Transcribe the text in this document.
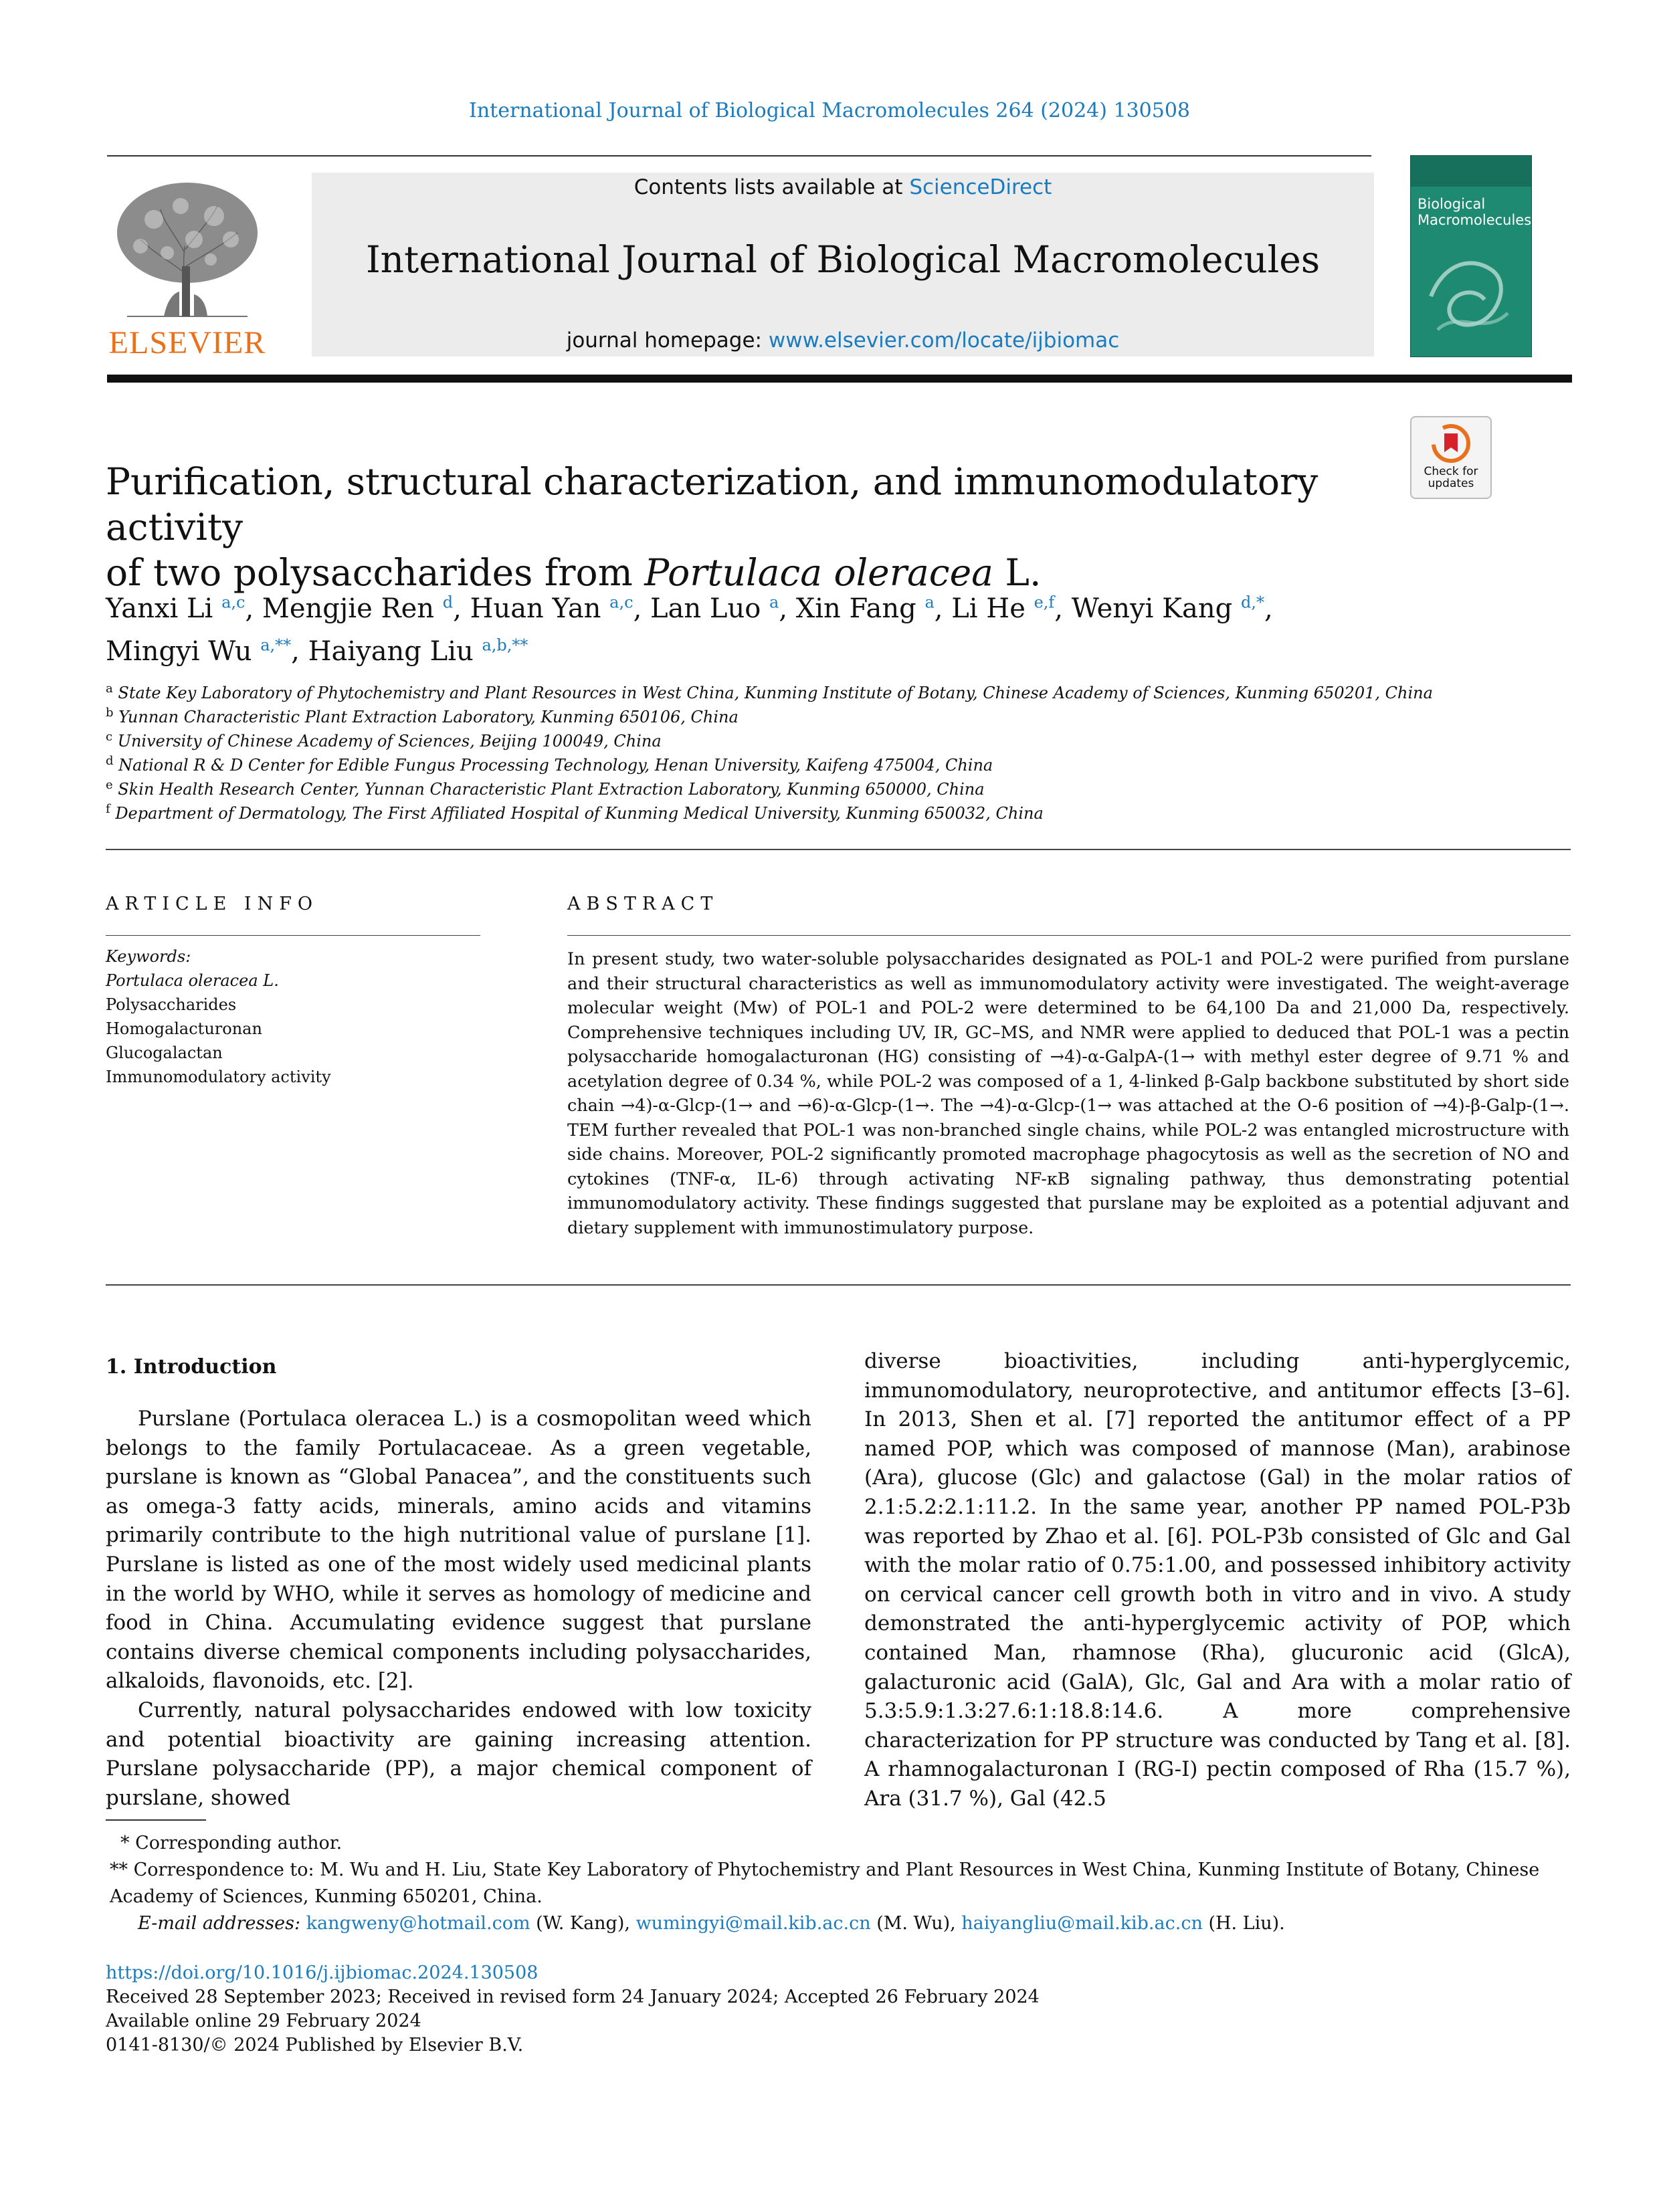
International Journal of Biological Macromolecules 264 (2024) 130508
ELSEVIER
Contents lists available at ScienceDirect
International Journal of Biological Macromolecules
journal homepage: www.elsevier.com/locate/ijbiomac
Biological Macromolecules
Check for updates
Purification, structural characterization, and immunomodulatory activity
of two polysaccharides from Portulaca oleracea L.
Yanxi Li $^{a,c}$, Mengjie Ren $^d$, Huan Yan $^{a,c}$, Lan Luo $^a$, Xin Fang $^a$, Li He $^{e,f}$, Wenyi Kang $^{d,*}$,
Mingyi Wu $^{a,**}$, Haiyang Liu $^{a,b,**}$
$^a$ State Key Laboratory of Phytochemistry and Plant Resources in West China, Kunming Institute of Botany, Chinese Academy of Sciences, Kunming 650201, China
$^b$ Yunnan Characteristic Plant Extraction Laboratory, Kunming 650106, China
$^c$ University of Chinese Academy of Sciences, Beijing 100049, China
$^d$ National R & D Center for Edible Fungus Processing Technology, Henan University, Kaifeng 475004, China
$^e$ Skin Health Research Center, Yunnan Characteristic Plant Extraction Laboratory, Kunming 650000, China
$^f$ Department of Dermatology, The First Affiliated Hospital of Kunming Medical University, Kunming 650032, China
ARTICLE INFO
Keywords:
Portulaca oleracea L.
Polysaccharides
Homogalacturonan
Glucogalactan
Immunomodulatory activity
ABSTRACT
In present study, two water-soluble polysaccharides designated as POL-1 and POL-2 were purified from purslane and their structural characteristics as well as immunomodulatory activity were investigated. The weight-average molecular weight (Mw) of POL-1 and POL-2 were determined to be 64,100 Da and 21,000 Da, respectively. Comprehensive techniques including UV, IR, GC–MS, and NMR were applied to deduced that POL-1 was a pectin polysaccharide homogalacturonan (HG) consisting of →4)-α-GalpA-(1→ with methyl ester degree of 9.71 % and acetylation degree of 0.34 %, while POL-2 was composed of a 1, 4-linked β-Galp backbone substituted by short side chain →4)-α-Glcp-(1→ and →6)-α-Glcp-(1→. The →4)-α-Glcp-(1→ was attached at the O-6 position of →4)-β-Galp-(1→. TEM further revealed that POL-1 was non-branched single chains, while POL-2 was entangled microstructure with side chains. Moreover, POL-2 significantly promoted macrophage phagocytosis as well as the secretion of NO and cytokines (TNF-α, IL-6) through activating NF-κB signaling pathway, thus demonstrating potential immunomodulatory activity. These findings suggested that purslane may be exploited as a potential adjuvant and dietary supplement with immunostimulatory purpose.
1. Introduction

Purslane (Portulaca oleracea L.) is a cosmopolitan weed which belongs to the family Portulacaceae. As a green vegetable, purslane is known as “Global Panacea”, and the constituents such as omega-3 fatty acids, minerals, amino acids and vitamins primarily contribute to the high nutritional value of purslane [1]. Purslane is listed as one of the most widely used medicinal plants in the world by WHO, while it serves as homology of medicine and food in China. Accumulating evidence suggest that purslane contains diverse chemical components including polysaccharides, alkaloids, flavonoids, etc. [2].

Currently, natural polysaccharides endowed with low toxicity and potential bioactivity are gaining increasing attention. Purslane polysaccharide (PP), a major chemical component of purslane, showed

diverse bioactivities, including anti-hyperglycemic, immunomodulatory, neuroprotective, and antitumor effects [3–6]. In 2013, Shen et al. [7] reported the antitumor effect of a PP named POP, which was composed of mannose (Man), arabinose (Ara), glucose (Glc) and galactose (Gal) in the molar ratios of 2.1:5.2:2.1:11.2. In the same year, another PP named POL-P3b was reported by Zhao et al. [6]. POL-P3b consisted of Glc and Gal with the molar ratio of 0.75:1.00, and possessed inhibitory activity on cervical cancer cell growth both in vitro and in vivo. A study demonstrated the anti-hyperglycemic activity of POP, which contained Man, rhamnose (Rha), glucuronic acid (GlcA), galacturonic acid (GalA), Glc, Gal and Ara with a molar ratio of 5.3:5.9:1.3:27.6:1:18.8:14.6. A more comprehensive characterization for PP structure was conducted by Tang et al. [8]. A rhamnogalacturonan I (RG-I) pectin composed of Rha (15.7 %), Ara (31.7 %), Gal (42.5

* Corresponding author.
** Correspondence to: M. Wu and H. Liu, State Key Laboratory of Phytochemistry and Plant Resources in West China, Kunming Institute of Botany, Chinese Academy of Sciences, Kunming 650201, China.
E-mail addresses: kangweny@hotmail.com (W. Kang), wumingyi@mail.kib.ac.cn (M. Wu), haiyangliu@mail.kib.ac.cn (H. Liu).
https://doi.org/10.1016/j.ijbiomac.2024.130508
Received 28 September 2023; Received in revised form 24 January 2024; Accepted 26 February 2024
Available online 29 February 2024
0141-8130/© 2024 Published by Elsevier B.V.
